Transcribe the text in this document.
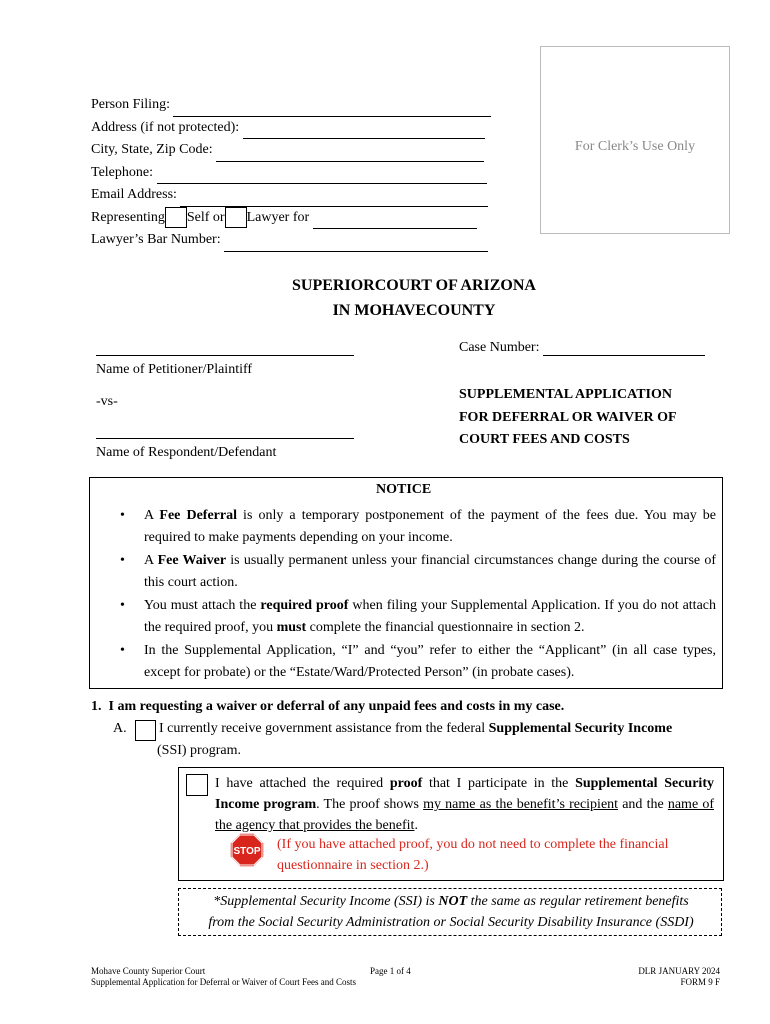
Person Filing:
Address (if not protected):
City, State, Zip Code:
Telephone:
Email Address:
Representing Self or Lawyer for
Lawyer’s Bar Number:
For Clerk’s Use Only
SUPERIORCOURT OF ARIZONA
IN MOHAVECOUNTY
Name of Petitioner/Plaintiff
-vs-
Name of Respondent/Defendant
Case Number:
SUPPLEMENTAL APPLICATION
FOR DEFERRAL OR WAIVER OF
COURT FEES AND COSTS
NOTICE
•	A Fee Deferral is only a temporary postponement of the payment of the fees due. You may be required to make payments depending on your income.
•	A Fee Waiver is usually permanent unless your financial circumstances change during the course of this court action.
•	You must attach the required proof when filing your Supplemental Application. If you do not attach the required proof, you must complete the financial questionnaire in section 2.
•	In the Supplemental Application, “I” and “you” refer to either the “Applicant” (in all case types, except for probate) or the “Estate/Ward/Protected Person” (in probate cases).
1.  I am requesting a waiver or deferral of any unpaid fees and costs in my case.
A. I currently receive government assistance from the federal Supplemental Security Income
(SSI) program.
I have attached the required proof that I participate in the Supplemental Security Income program. The proof shows my name as the benefit’s recipient and the name of the agency that provides the benefit.
STOP (If you have attached proof, you do not need to complete the financial
questionnaire in section 2.)
*Supplemental Security Income (SSI) is NOT the same as regular retirement benefits
from the Social Security Administration or Social Security Disability Insurance (SSDI)
Mohave County Superior Court
Supplemental Application for Deferral or Waiver of Court Fees and Costs
Page 1 of 4	DLR JANUARY 2024
FORM 9 F
